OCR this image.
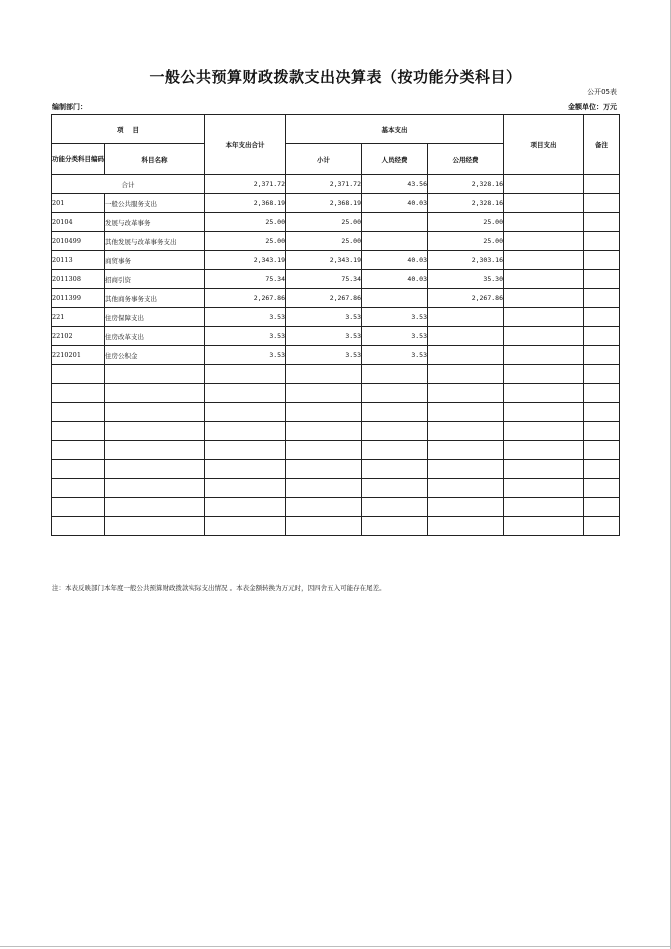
一般公共预算财政拨款支出决算表（按功能分类科目）
公开05表
编制部门：	金额单位：万元
项    目		本年支出合计	基本支出			项目支出	备注
功能分类科目编码	科目名称		小计	人员经费	公用经费		
合计		2,371.72	2,371.72	43.56	2,328.16		
201	一般公共服务支出	2,368.19	2,368.19	40.03	2,328.16		
20104	发展与改革事务	25.00	25.00		25.00		
2010499	其他发展与改革事务支出	25.00	25.00		25.00		
20113	商贸事务	2,343.19	2,343.19	40.03	2,303.16		
2011308	招商引资	75.34	75.34	40.03	35.30		
2011399	其他商务事务支出	2,267.86	2,267.86		2,267.86		
221	住房保障支出	3.53	3.53	3.53			
22102	住房改革支出	3.53	3.53	3.53			
2210201	住房公积金	3.53	3.53	3.53			

注：本表反映部门本年度一般公共预算财政拨款实际支出情况 。本表金额转换为万元时，因四舍五入可能存在尾差。
